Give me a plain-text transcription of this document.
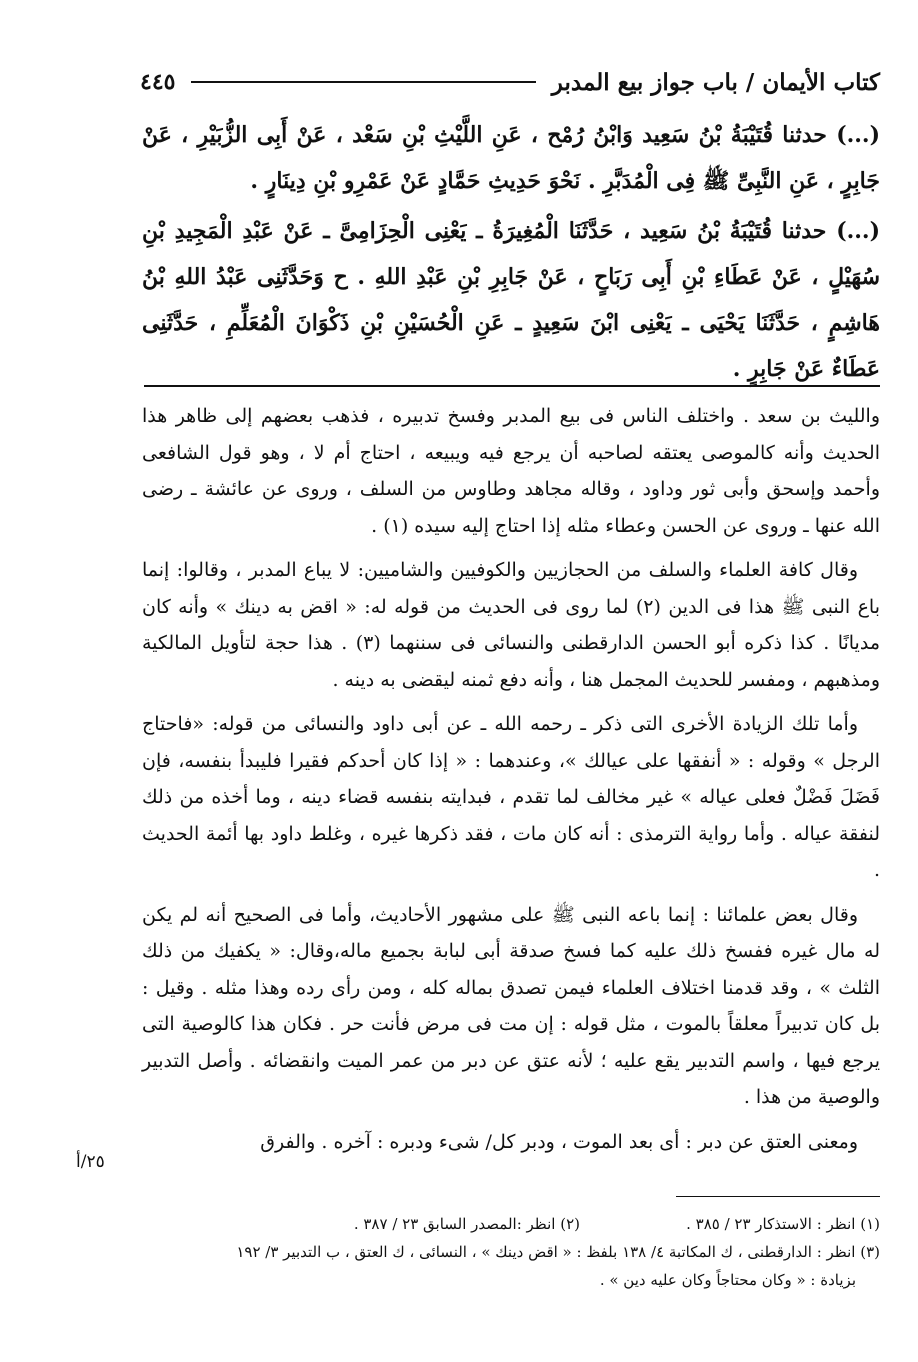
كتاب الأيمان / باب جواز بيع المدبر
٤٤٥

(...) حدثنا قُتَيْبَةُ بْنُ سَعِيد وَابْنُ رُمْح ، عَنِ اللَّيْثِ بْنِ سَعْد ، عَنْ أَبِى الزُّبَيْرِ ، عَنْ جَابِرٍ ، عَنِ النَّبِىِّ ﷺ فِى الْمُدَبَّرِ . نَحْوَ حَدِيثِ حَمَّادٍ عَنْ عَمْرِو بْنِ دِينَارٍ .

(...) حدثنا قُتَيْبَةُ بْنُ سَعِيد ، حَدَّثَنَا الْمُغِيرَةُ ـ يَعْنِى الْحِزَامِىَّ ـ عَنْ عَبْدِ الْمَجِيدِ بْنِ سُهَيْلٍ ، عَنْ عَطَاءِ بْنِ أَبِى رَبَاحٍ ، عَنْ جَابِرِ بْنِ عَبْدِ اللهِ . ح وَحَدَّثَنِى عَبْدُ اللهِ بْنُ هَاشِمٍ ، حَدَّثَنَا يَحْيَى ـ يَعْنِى ابْنَ سَعِيدٍ ـ عَنِ الْحُسَيْنِ بْنِ ذَكْوَانَ الْمُعَلِّمِ ، حَدَّثَنِى عَطَاءٌ عَنْ جَابِرٍ .

والليث بن سعد . واختلف الناس فى بيع المدبر وفسخ تدبيره ، فذهب بعضهم إلى ظاهر هذا الحديث وأنه كالموصى يعتقه لصاحبه أن يرجع فيه ويبيعه ، احتاج أم لا ، وهو قول الشافعى وأحمد وإسحق وأبى ثور وداود ، وقاله مجاهد وطاوس من السلف ، وروى عن عائشة ـ رضى الله عنها ـ وروى عن الحسن وعطاء مثله إذا احتاج إليه سيده (١) .

وقال كافة العلماء والسلف من الحجازيين والكوفيين والشاميين: لا يباع المدبر ، وقالوا: إنما باع النبى ﷺ هذا فى الدين (٢) لما روى فى الحديث من قوله له: « اقض به دينك » وأنه كان مديانًا . كذا ذكره أبو الحسن الدارقطنى والنسائى فى سننهما (٣) . هذا حجة لتأويل المالكية ومذهبهم ، ومفسر للحديث المجمل هنا ، وأنه دفع ثمنه ليقضى به دينه .

وأما تلك الزيادة الأخرى التى ذكر ـ رحمه الله ـ عن أبى داود والنسائى من قوله: «فاحتاج الرجل » وقوله : « أنفقها على عيالك »، وعندهما : « إذا كان أحدكم فقيرا فليبدأ بنفسه، فإن فَضَلَ فَضْلٌ فعلى عياله » غير مخالف لما تقدم ، فبدايته بنفسه قضاء دينه ، وما أخذه من ذلك لنفقة عياله . وأما رواية الترمذى : أنه كان مات ، فقد ذكرها غيره ، وغلط داود بها أئمة الحديث .

وقال بعض علمائنا : إنما باعه النبى ﷺ على مشهور الأحاديث، وأما فى الصحيح أنه لم يكن له مال غيره ففسخ ذلك عليه كما فسخ صدقة أبى لبابة بجميع ماله،وقال: « يكفيك من ذلك الثلث » ، وقد قدمنا اختلاف العلماء فيمن تصدق بماله كله ، ومن رأى رده وهذا مثله . وقيل : بل كان تدبيراً معلقاً بالموت ، مثل قوله : إن مت فى مرض فأنت حر . فكان هذا كالوصية التى يرجع فيها ، واسم التدبير يقع عليه ؛ لأنه عتق عن دبر من عمر الميت وانقضائه . وأصل التدبير والوصية من هذا .

ومعنى العتق عن دبر : أى بعد الموت ، ودبر كل/ شىء ودبره : آخره . والفرق

٢٥/أ
(١) انظر : الاستذكار ٢٣ / ٣٨٥ .
(٢) انظر :المصدر السابق ٢٣ / ٣٨٧ .
(٣) انظر : الدارقطنى ، ك المكاتبة ٤/ ١٣٨ بلفظ : « اقض دينك » ، النسائى ، ك العتق ، ب التدبير ٣/ ١٩٢
بزيادة : « وكان محتاجاً وكان عليه دين » .
